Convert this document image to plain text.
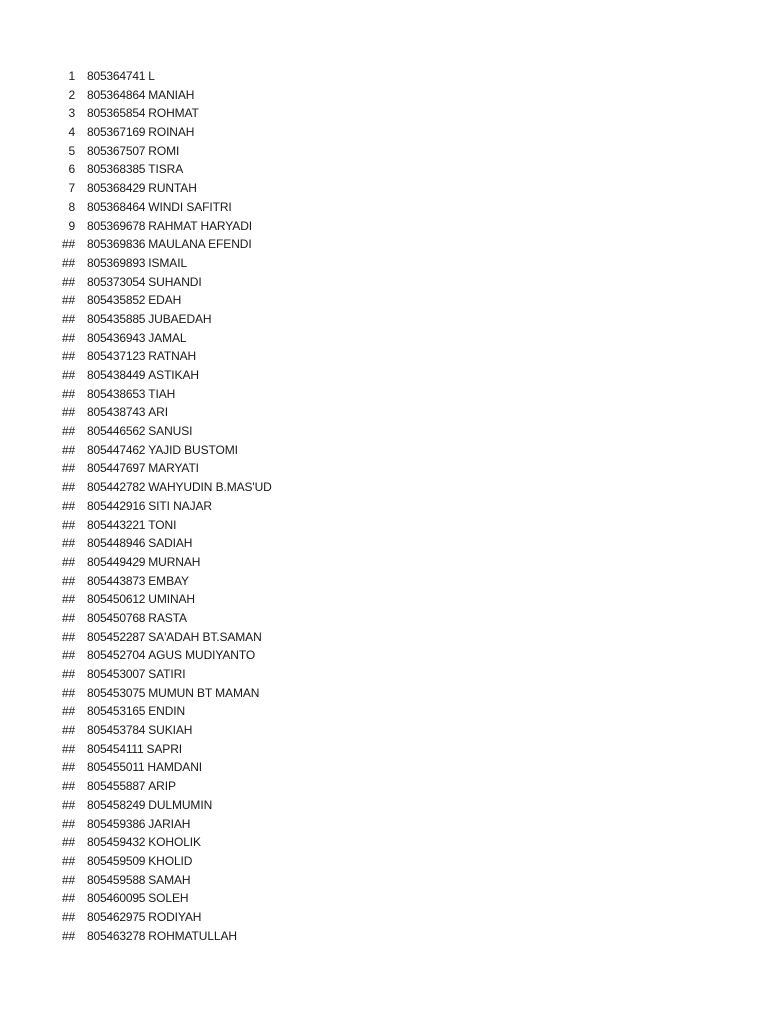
1 805364741 L
2 805364864 MANIAH
3 805365854 ROHMAT
4 805367169 ROINAH
5 805367507 ROMI
6 805368385 TISRA
7 805368429 RUNTAH
8 805368464 WINDI SAFITRI
9 805369678 RAHMAT HARYADI
## 805369836 MAULANA EFENDI
## 805369893 ISMAIL
## 805373054 SUHANDI
## 805435852 EDAH
## 805435885 JUBAEDAH
## 805436943 JAMAL
## 805437123 RATNAH
## 805438449 ASTIKAH
## 805438653 TIAH
## 805438743 ARI
## 805446562 SANUSI
## 805447462 YAJID BUSTOMI
## 805447697 MARYATI
## 805442782 WAHYUDIN B.MAS'UD
## 805442916 SITI NAJAR
## 805443221 TONI
## 805448946 SADIAH
## 805449429 MURNAH
## 805443873 EMBAY
## 805450612 UMINAH
## 805450768 RASTA
## 805452287 SA'ADAH BT.SAMAN
## 805452704 AGUS MUDIYANTO
## 805453007 SATIRI
## 805453075 MUMUN BT MAMAN
## 805453165 ENDIN
## 805453784 SUKIAH
## 805454111 SAPRI
## 805455011 HAMDANI
## 805455887 ARIP
## 805458249 DULMUMIN
## 805459386 JARIAH
## 805459432 KOHOLIK
## 805459509 KHOLID
## 805459588 SAMAH
## 805460095 SOLEH
## 805462975 RODIYAH
## 805463278 ROHMATULLAH
